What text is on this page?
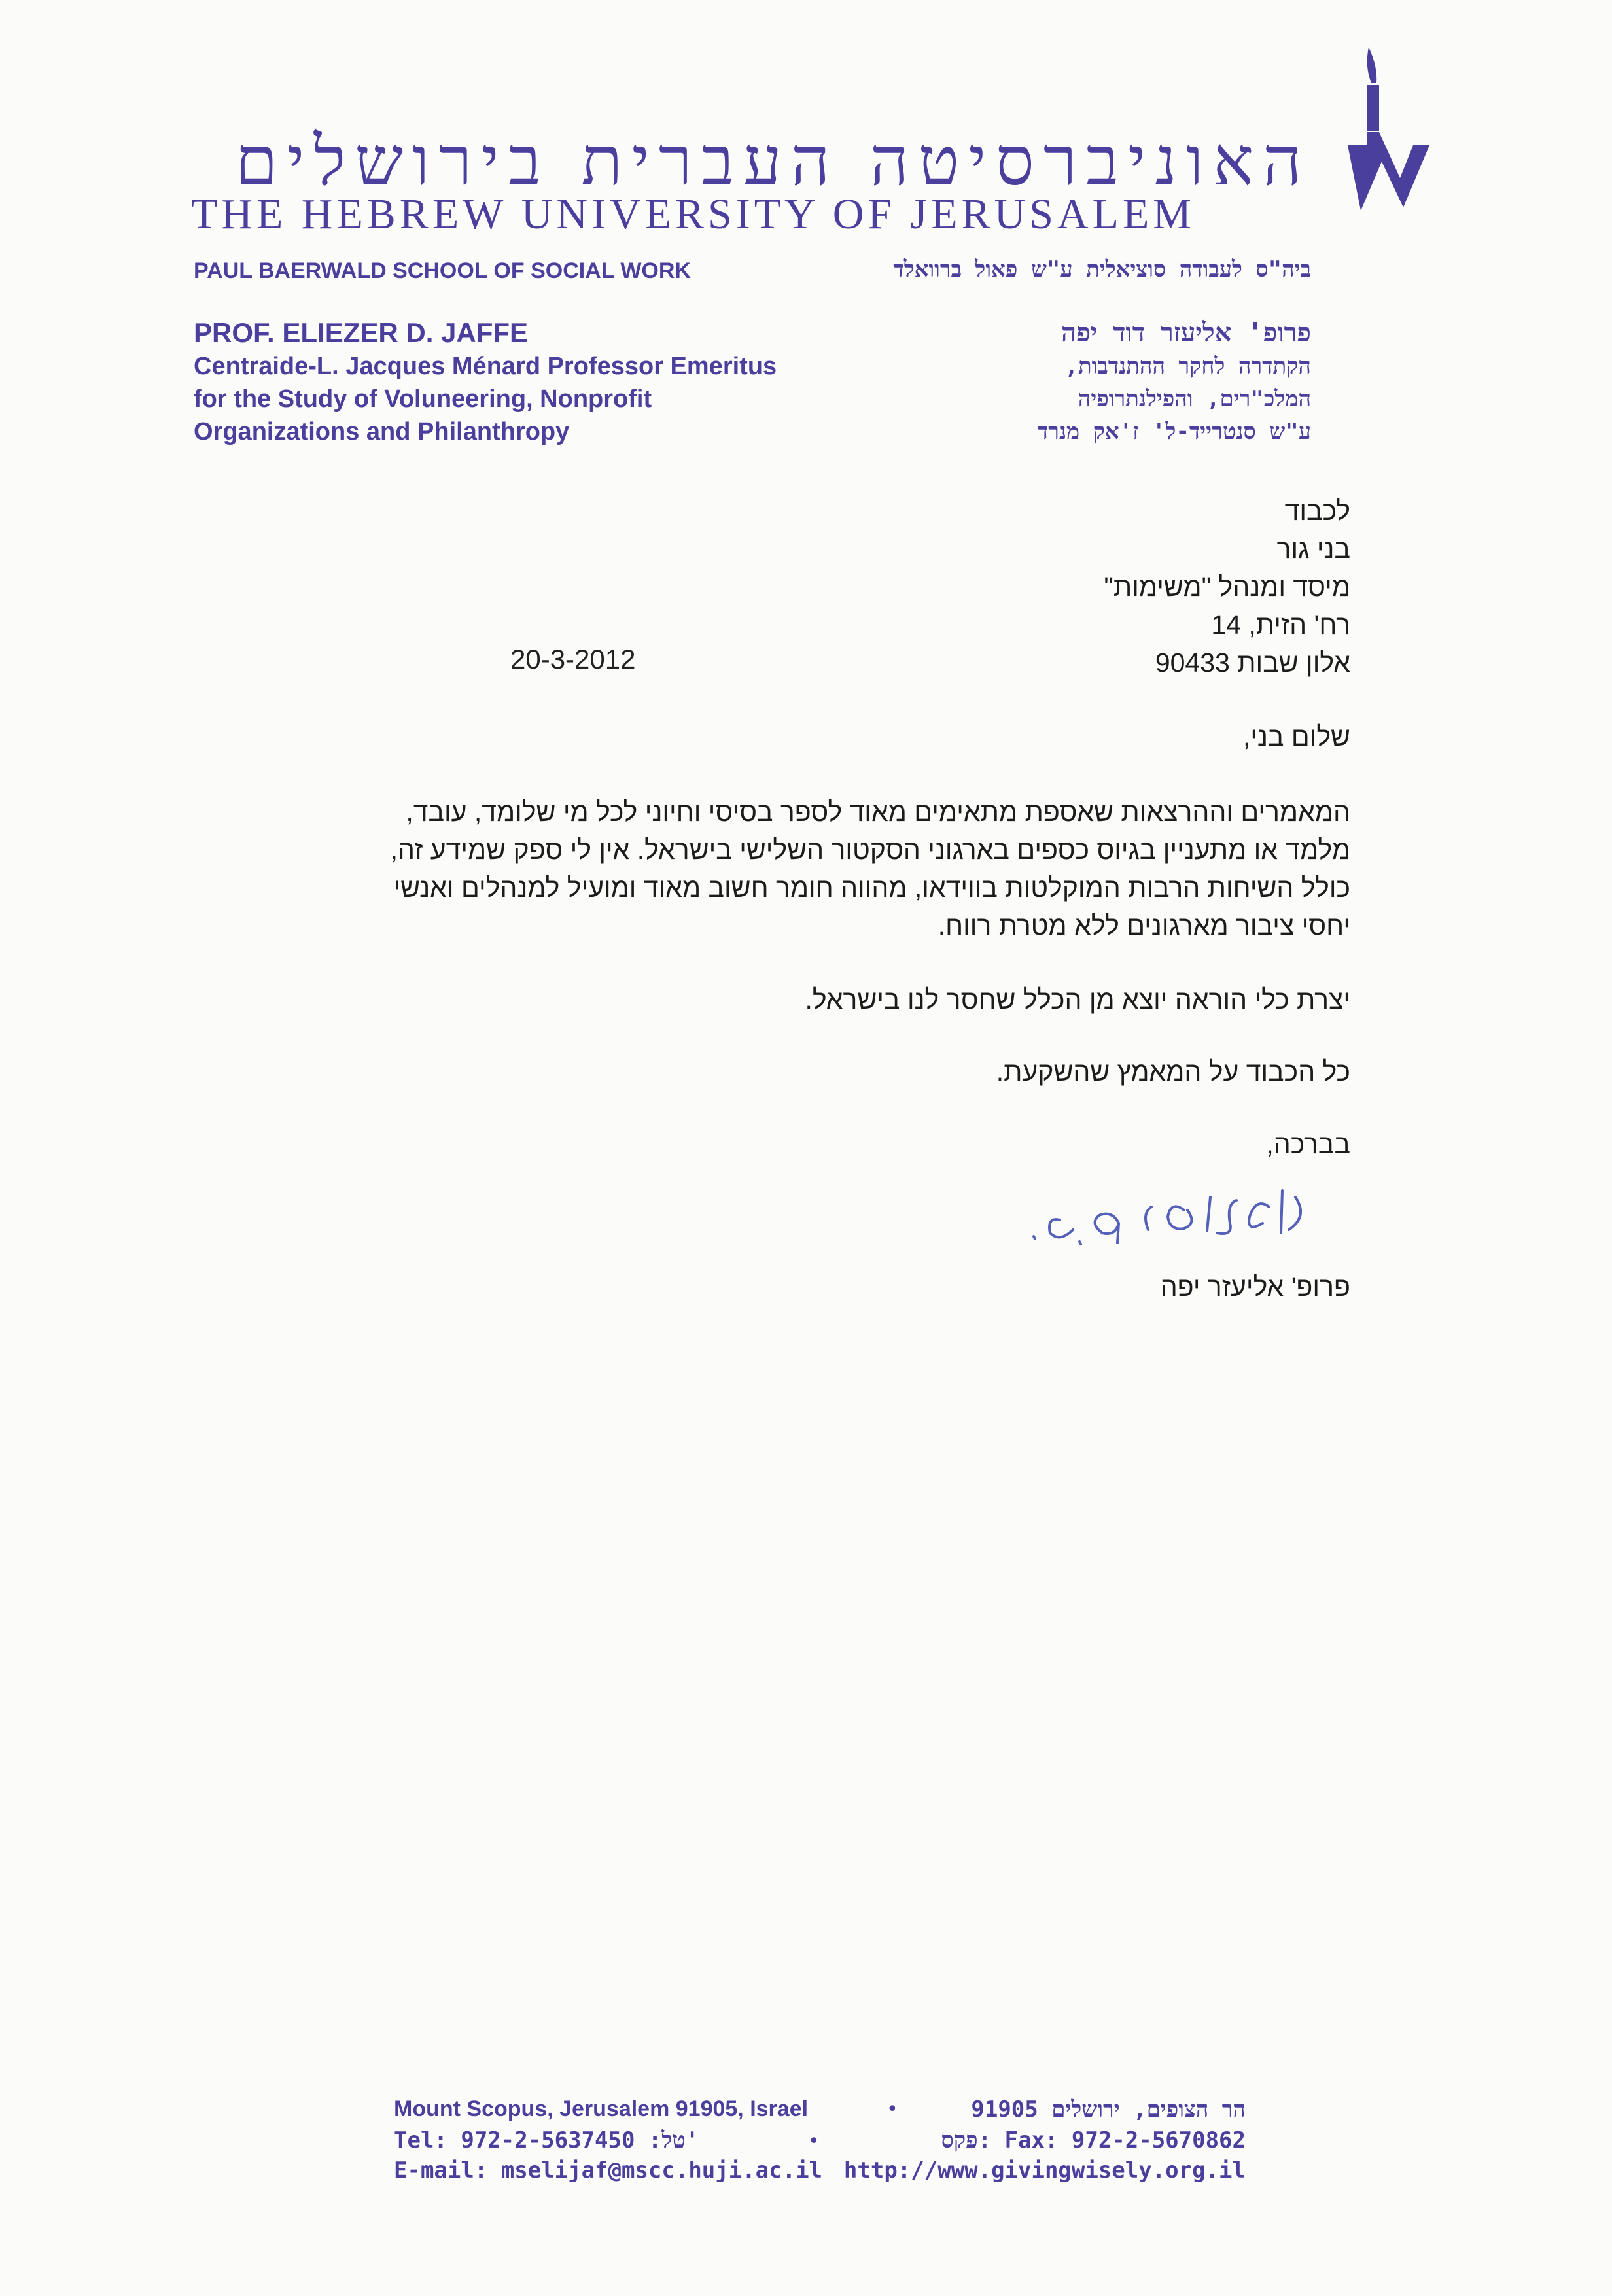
האוניברסיטה העברית בירושלים
THE HEBREW UNIVERSITY OF JERUSALEM
PAUL BAERWALD SCHOOL OF SOCIAL WORK	ביה"ס לעבודה סוציאלית ע"ש פאול ברוואלד
PROF. ELIEZER D. JAFFE
Centraide-L. Jacques Ménard Professor Emeritus
for the Study of Voluneering, Nonprofit
Organizations and Philanthropy
פרופ' אליעזר דוד יפה
הקתדרה לחקר ההתנדבות,
המלכ"רים, והפילנתרופיה
ע"ש סנטרייד-ל' ז'אק מנרד
לכבוד
בני גור
מיסד ומנהל "משימות"
רח' הזית, 14
אלון שבות 90433
20-3-2012
שלום בני,
המאמרים וההרצאות שאספת מתאימים מאוד לספר בסיסי וחיוני לכל מי שלומד, עובד,
מלמד או מתעניין בגיוס כספים בארגוני הסקטור השלישי בישראל. אין לי ספק שמידע זה,
כולל השיחות הרבות המוקלטות בווידאו, מהווה חומר חשוב מאוד ומועיל למנהלים ואנשי
יחסי ציבור מארגונים ללא מטרת רווח.
יצרת כלי הוראה יוצא מן הכלל שחסר לנו בישראל.
כל הכבוד על המאמץ שהשקעת.
בברכה,
פרופ' אליעזר יפה
Mount Scopus, Jerusalem 91905, Israel	•	הר הצופים, ירושלים 91905
Tel: 972-2-5637450 :טל'	•	Fax: 972-2-5670862 :פקס
E-mail: mselijaf@mscc.huji.ac.il http://www.givingwisely.org.il
